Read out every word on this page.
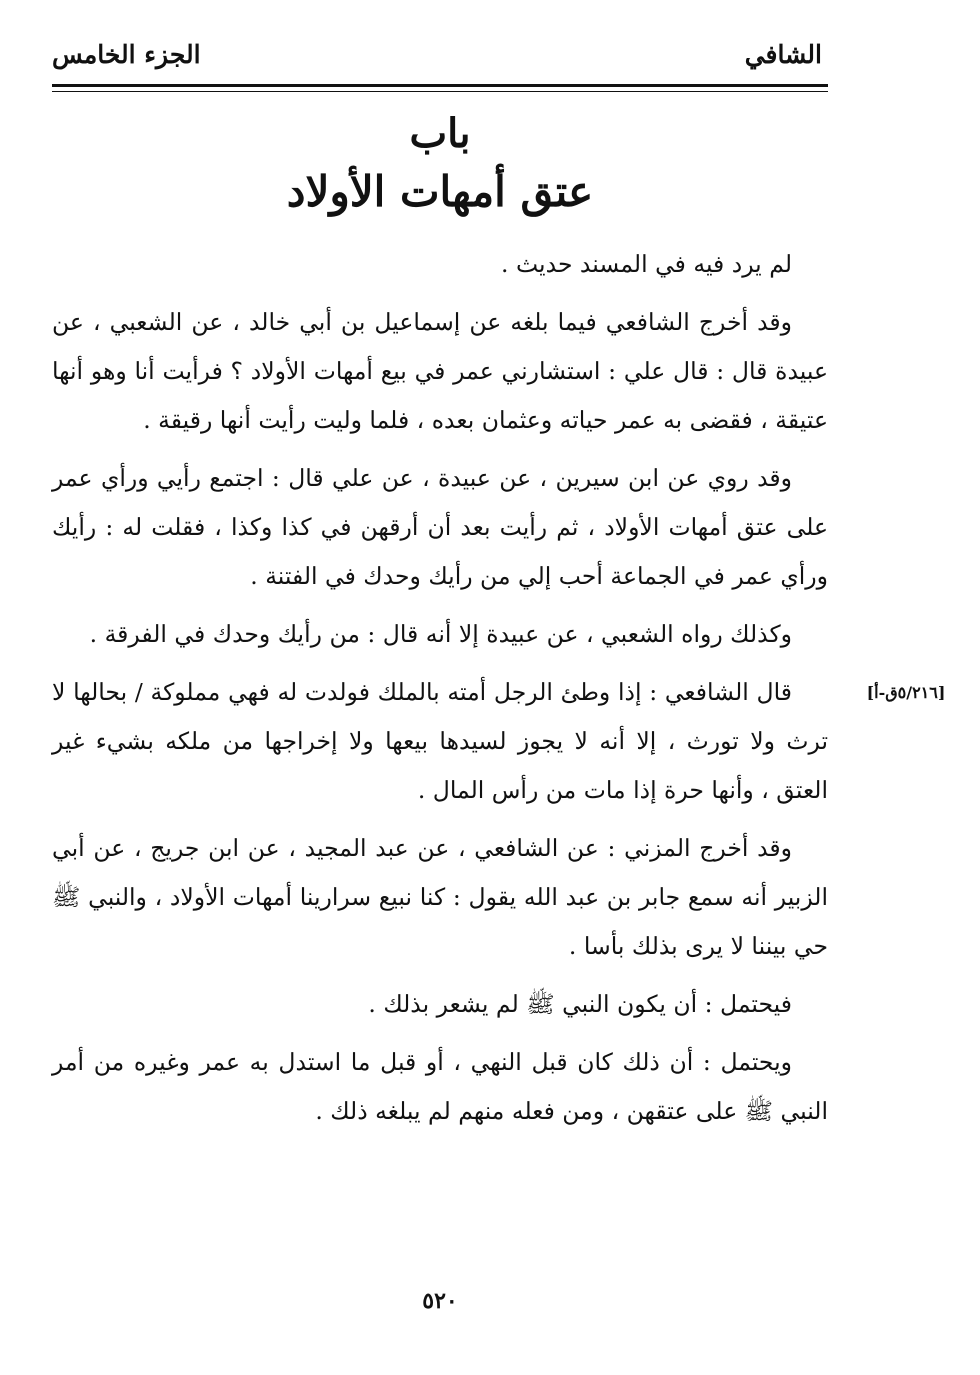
الشافي
الجزء الخامس
باب
عتق أمهات الأولاد

لم يرد فيه في المسند حديث .

وقد أخرج الشافعي فيما بلغه عن إسماعيل بن أبي خالد ، عن الشعبي ، عن عبيدة قال : قال علي : استشارني عمر في بيع أمهات الأولاد ؟ فرأيت أنا وهو أنها عتيقة ، فقضى به عمر حياته وعثمان بعده ، فلما وليت رأيت أنها رقيقة .

وقد روي عن ابن سيرين ، عن عبيدة ، عن علي قال : اجتمع رأيي ورأي عمر على عتق أمهات الأولاد ، ثم رأيت بعد أن أرقهن في كذا وكذا ، فقلت له : رأيك ورأي عمر في الجماعة أحب إلي من رأيك وحدك في الفتنة .

وكذلك رواه الشعبي ، عن عبيدة إلا أنه قال : من رأيك وحدك في الفرقة .

قال الشافعي : إذا وطئ الرجل أمته بالملك فولدت له فهي مملوكة / بحالها لا ترث ولا تورث ، إلا أنه لا يجوز لسيدها بيعها ولا إخراجها من ملكه بشيء غير العتق ، وأنها حرة إذا مات من رأس المال .

وقد أخرج المزني : عن الشافعي ، عن عبد المجيد ، عن ابن جريج ، عن أبي الزبير أنه سمع جابر بن عبد الله يقول : كنا نبيع سرارينا أمهات الأولاد ، والنبي ﷺ حي بيننا لا يرى بذلك بأسا .

فيحتمل : أن يكون النبي ﷺ لم يشعر بذلك .

ويحتمل : أن ذلك كان قبل النهي ، أو قبل ما استدل به عمر وغيره من أمر النبي ﷺ على عتقهن ، ومن فعله منهم لم يبلغه ذلك .

[٥/٢١٦ق-أ]
٥٢٠
